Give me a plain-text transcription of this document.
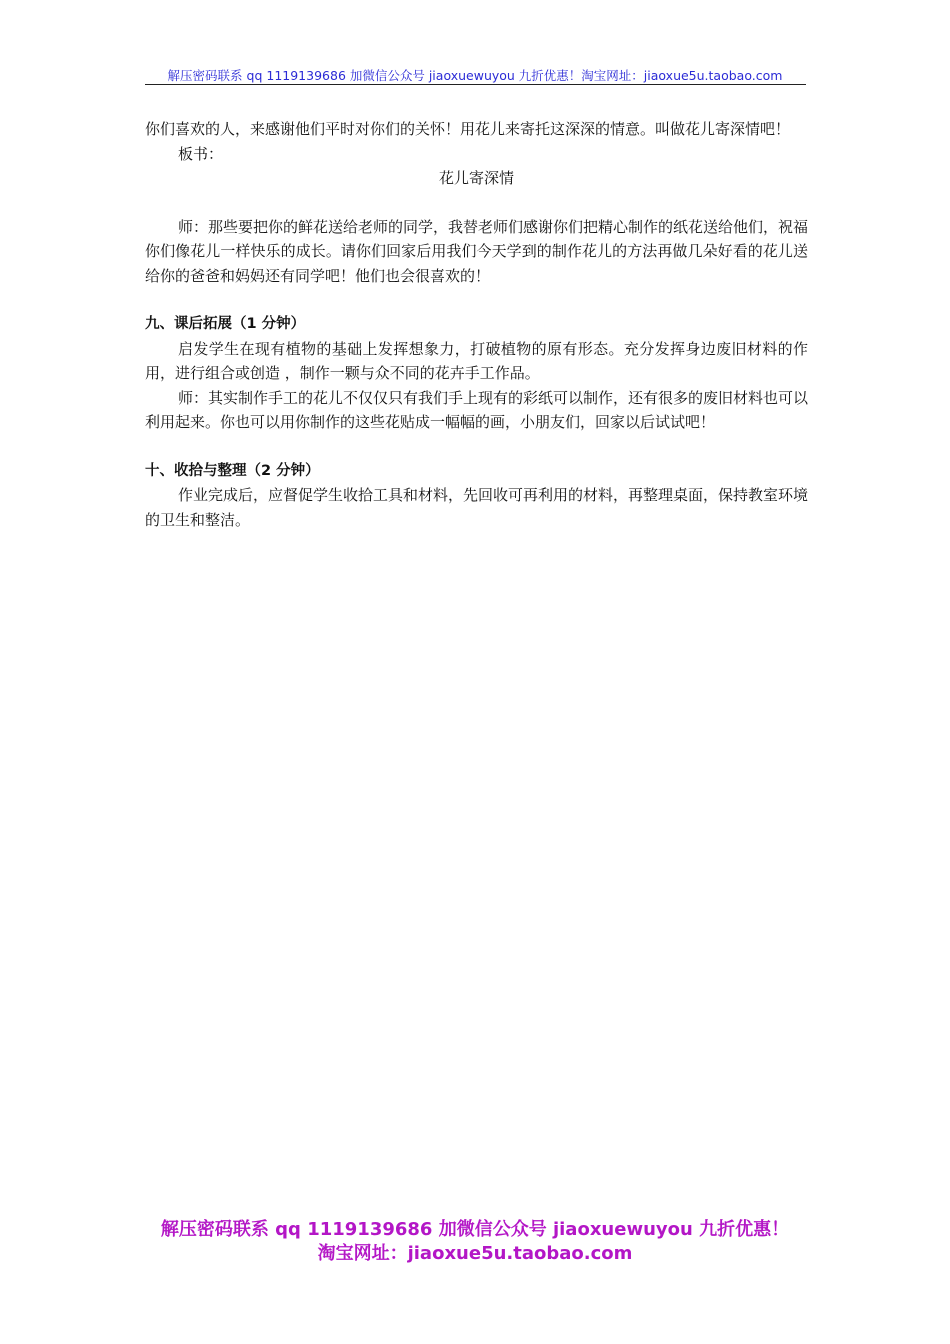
解压密码联系 qq 1119139686 加微信公众号 jiaoxuewuyou 九折优惠！淘宝网址：jiaoxue5u.taobao.com

你们喜欢的人，来感谢他们平时对你们的关怀！用花儿来寄托这深深的情意。叫做花儿寄深情吧！

板书：

花儿寄深情

师：那些要把你的鲜花送给老师的同学，我替老师们感谢你们把精心制作的纸花送给他们，祝福你们像花儿一样快乐的成长。请你们回家后用我们今天学到的制作花儿的方法再做几朵好看的花儿送给你的爸爸和妈妈还有同学吧！他们也会很喜欢的！

九、课后拓展（1 分钟）

启发学生在现有植物的基础上发挥想象力，打破植物的原有形态。充分发挥身边废旧材料的作用，进行组合或创造 ，制作一颗与众不同的花卉手工作品。

师：其实制作手工的花儿不仅仅只有我们手上现有的彩纸可以制作，还有很多的废旧材料也可以利用起来。你也可以用你制作的这些花贴成一幅幅的画，小朋友们，回家以后试试吧！

十、收拾与整理（2 分钟）

作业完成后，应督促学生收拾工具和材料，先回收可再利用的材料，再整理桌面，保持教室环境的卫生和整洁。

解压密码联系 qq 1119139686 加微信公众号 jiaoxuewuyou 九折优惠！
淘宝网址：jiaoxue5u.taobao.com
